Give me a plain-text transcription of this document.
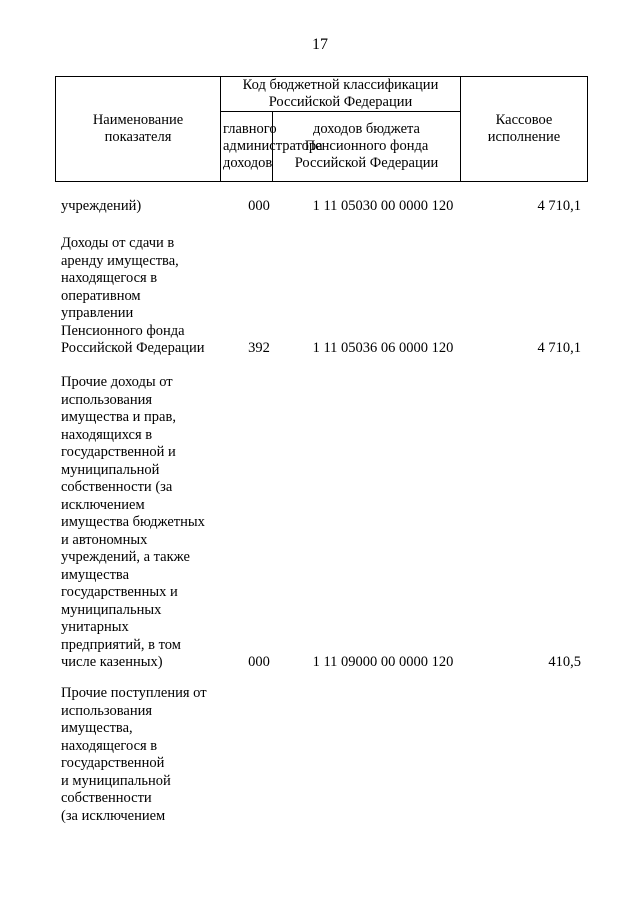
17
Наименование показателя	Код бюджетной классификации Российской Федерации		Кассовое исполнение
	главного администратора доходов	доходов бюджета Пенсионного фонда Российской Федерации	
учреждений)	000	1 11 05030 00 0000 120	4 710,1
Доходы от сдачи в
аренду имущества,
находящегося в
оперативном
управлении
Пенсионного фонда
Российской Федерации	392	1 11 05036 06 0000 120	4 710,1
Прочие доходы от
использования
имущества и прав,
находящихся в
государственной и
муниципальной
собственности (за
исключением
имущества бюджетных
и автономных
учреждений, а также
имущества
государственных и
муниципальных
унитарных
предприятий, в том
числе казенных)	000	1 11 09000 00 0000 120	410,5
Прочие поступления от
использования
имущества,
находящегося в
государственной
и муниципальной
собственности
(за исключением
